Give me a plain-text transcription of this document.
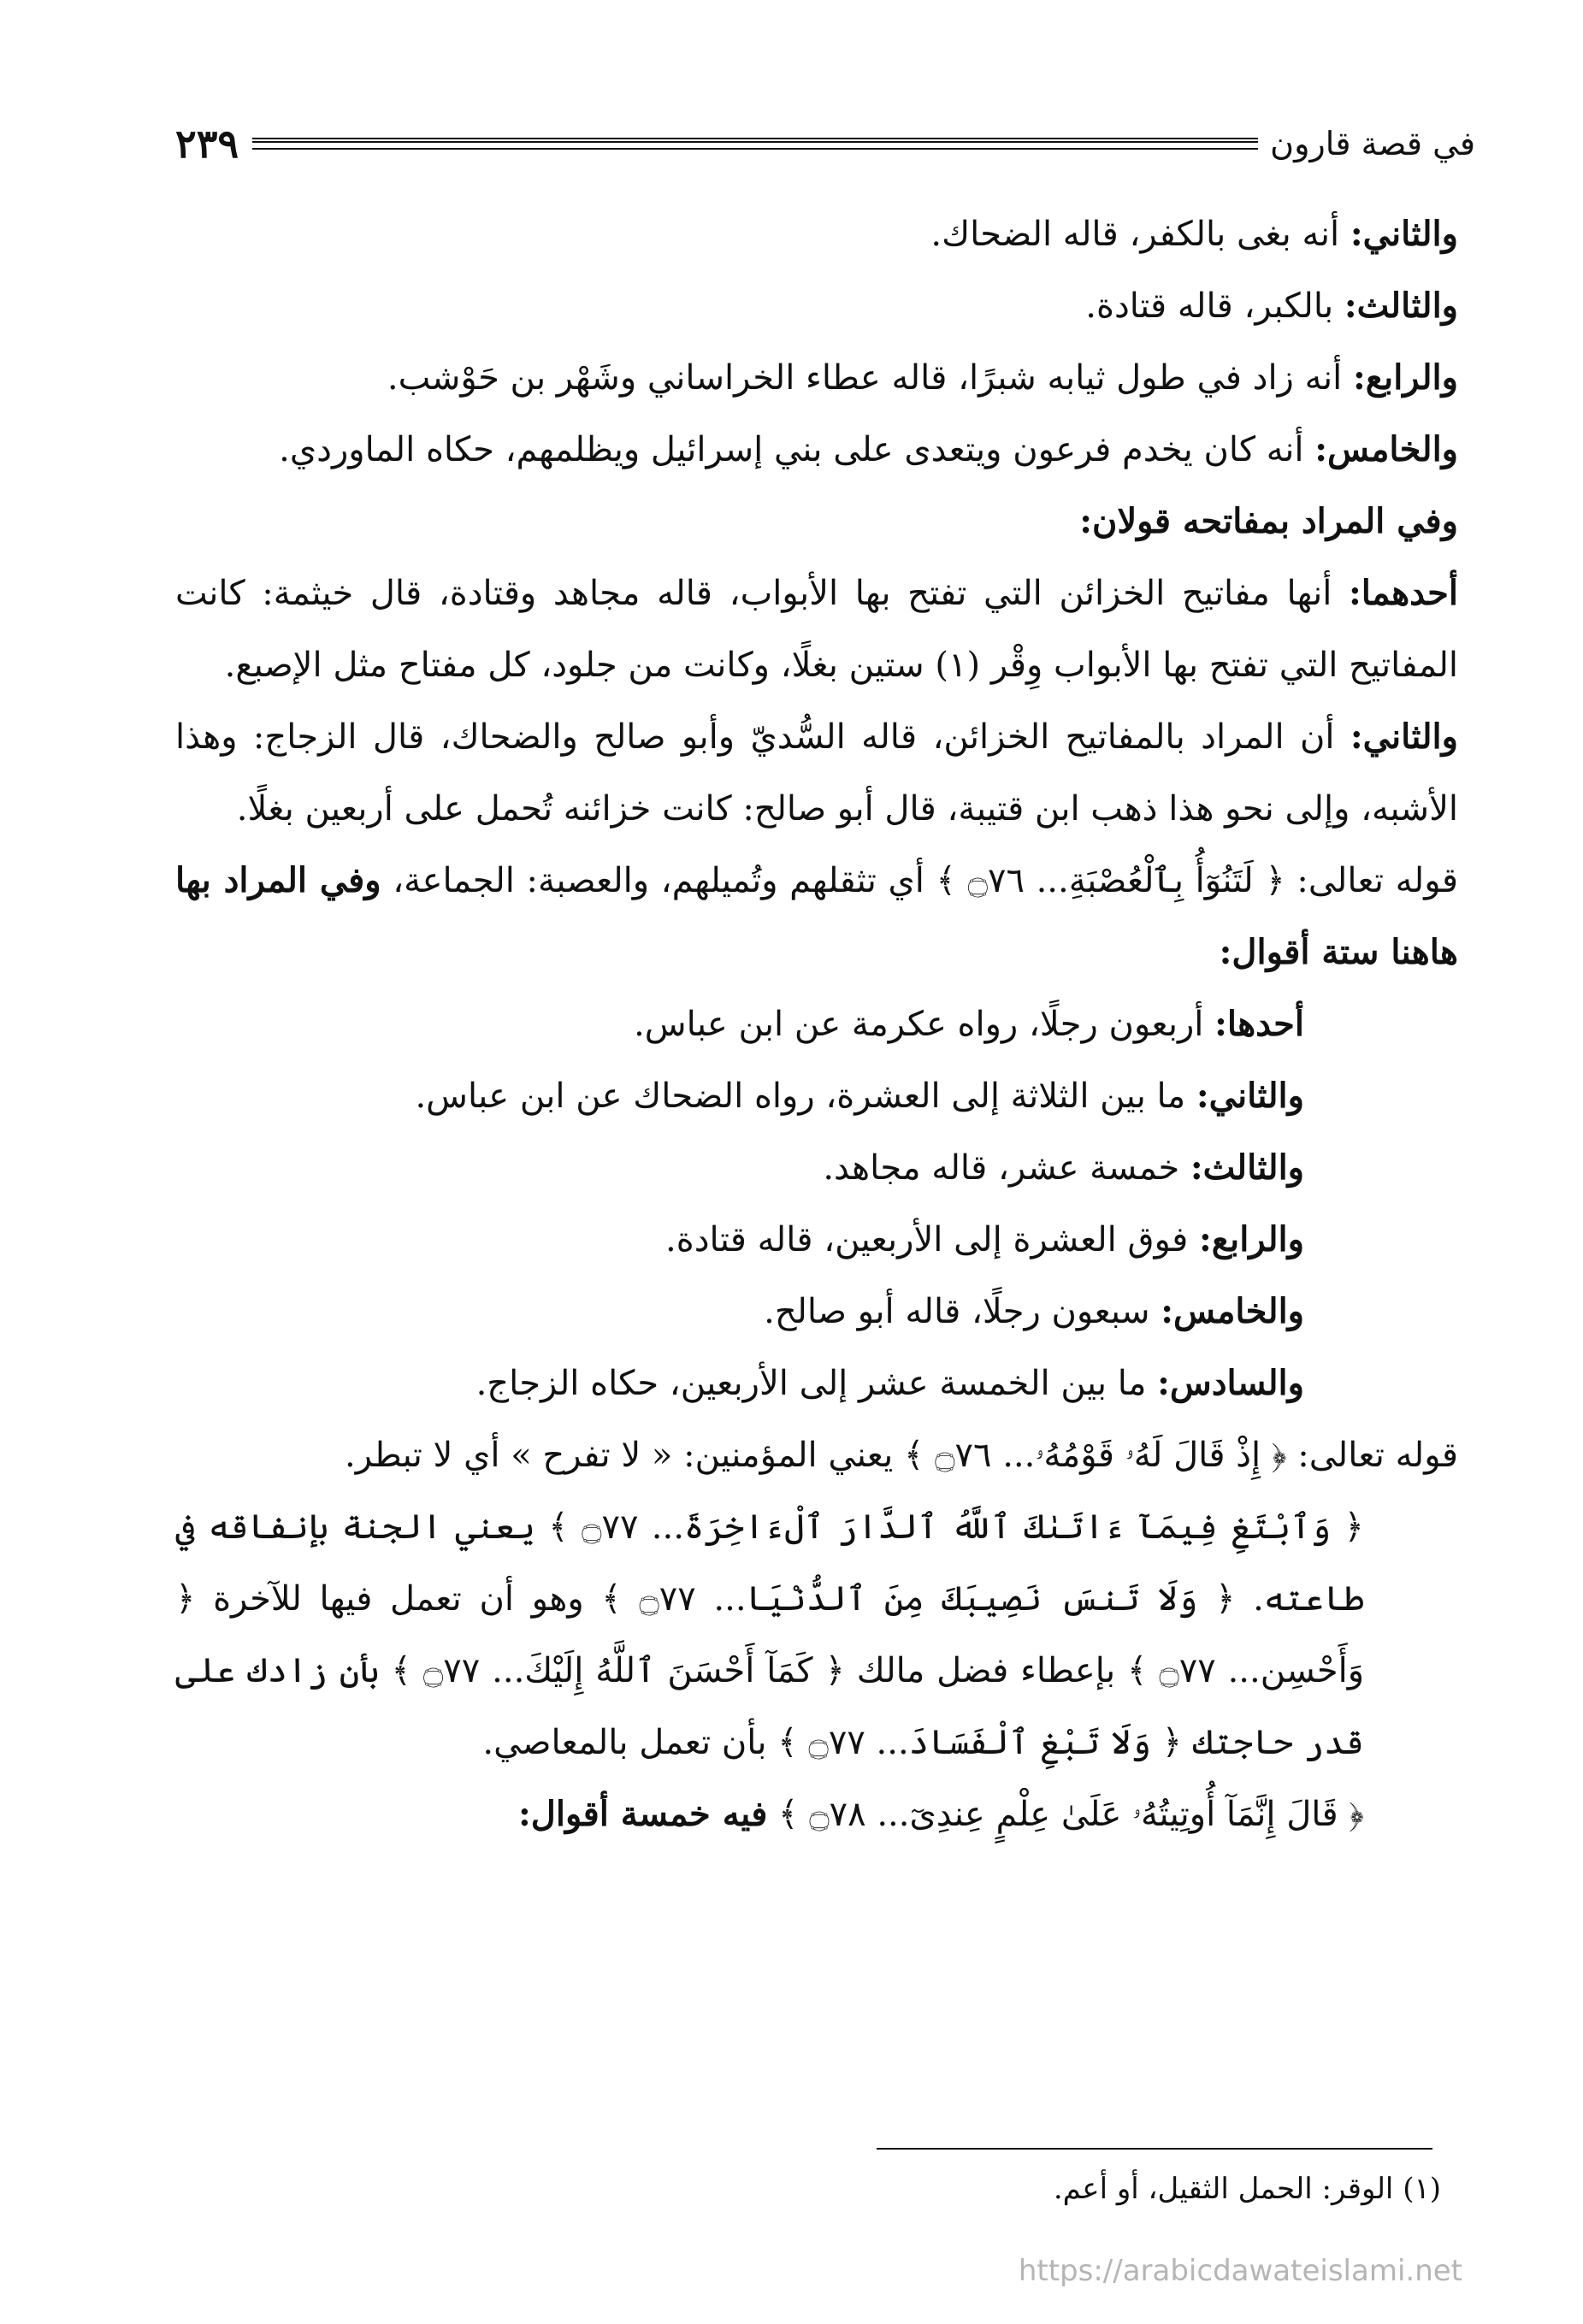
في قصة قارون
٢٣٩

والثاني: أنه بغى بالكفر، قاله الضحاك.

والثالث: بالكبر، قاله قتادة.

والرابع: أنه زاد في طول ثيابه شبرًا، قاله عطاء الخراساني وشَهْر بن حَوْشب.

والخامس: أنه كان يخدم فرعون ويتعدى على بني إسرائيل ويظلمهم، حكاه الماوردي.

وفي المراد بمفاتحه قولان:

أحدهما: أنها مفاتيح الخزائن التي تفتح بها الأبواب، قاله مجاهد وقتادة، قال خيثمة: كانت المفاتيح التي تفتح بها الأبواب وِقْر (١) ستين بغلًا، وكانت من جلود، كل مفتاح مثل الإصبع.

والثاني: أن المراد بالمفاتيح الخزائن، قاله السُّديّ وأبو صالح والضحاك، قال الزجاج: وهذا الأشبه، وإلى نحو هذا ذهب ابن قتيبة، قال أبو صالح: كانت خزائنه تُحمل على أربعين بغلًا.

قوله تعالى: ﴿ لَتَنُوٓأُ بِٱلْعُصْبَةِ... ۝٧٦ ﴾ أي تثقلهم وتُميلهم، والعصبة: الجماعة، وفي المراد بها هاهنا ستة أقوال:

أحدها: أربعون رجلًا، رواه عكرمة عن ابن عباس.

والثاني: ما بين الثلاثة إلى العشرة، رواه الضحاك عن ابن عباس.

والثالث: خمسة عشر، قاله مجاهد.

والرابع: فوق العشرة إلى الأربعين، قاله قتادة.

والخامس: سبعون رجلًا، قاله أبو صالح.

والسادس: ما بين الخمسة عشر إلى الأربعين، حكاه الزجاج.

قوله تعالى: ﴿ إِذْ قَالَ لَهُۥ قَوْمُهُۥ... ۝٧٦ ﴾ يعني المؤمنين: « لا تفرح » أي لا تبطر.

﴿ وَٱبْتَغِ فِيمَآ ءَاتَىٰكَ ٱللَّهُ ٱلدَّارَ ٱلْءَاخِرَةَ... ۝٧٧ ﴾ يعني الجنة بإنفاقه في طاعته. ﴿ وَلَا تَنسَ نَصِيبَكَ مِنَ ٱلدُّنْيَا... ۝٧٧ ﴾ وهو أن تعمل فيها للآخرة ﴿ وَأَحْسِن... ۝٧٧ ﴾ بإعطاء فضل مالك ﴿ كَمَآ أَحْسَنَ ٱللَّهُ إِلَيْكَ... ۝٧٧ ﴾ بأن زادك على قدر حاجتك ﴿ وَلَا تَبْغِ ٱلْفَسَادَ... ۝٧٧ ﴾ بأن تعمل بالمعاصي.

﴿ قَالَ إِنَّمَآ أُوتِيتُهُۥ عَلَىٰ عِلْمٍ عِندِىٓ... ۝٧٨ ﴾ فيه خمسة أقوال:

(١) الوقر: الحمل الثقيل، أو أعم.
https://arabicdawateislami.net
